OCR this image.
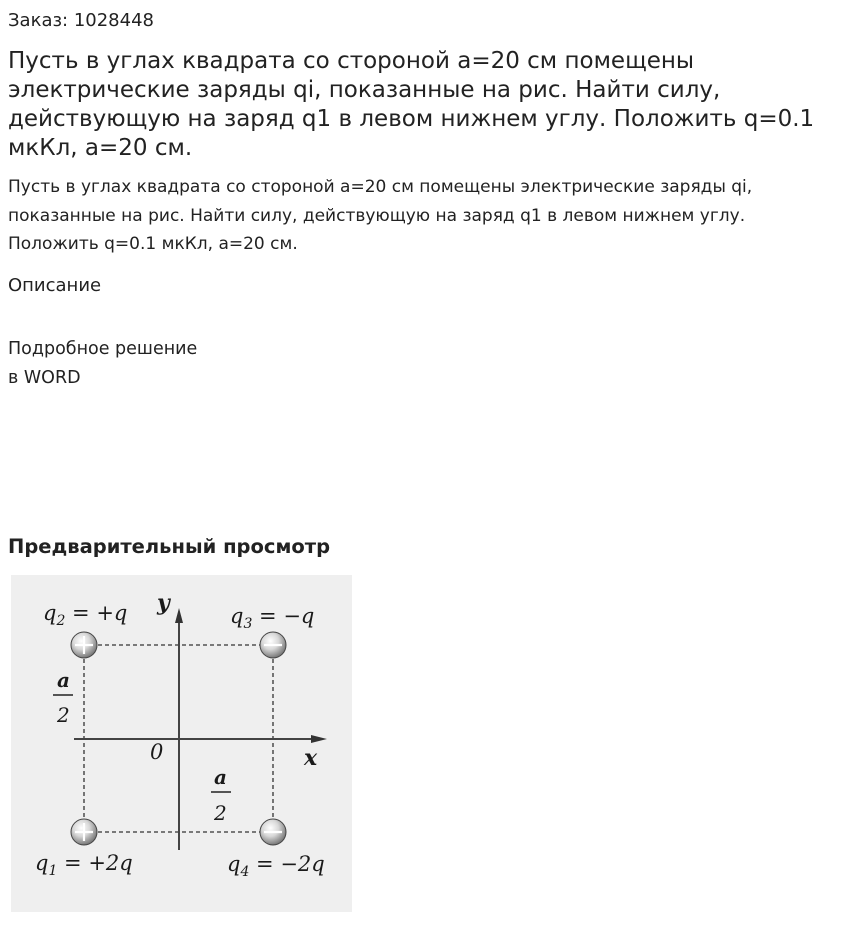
Заказ: 1028448
Пусть в углах квадрата со стороной а=20 см помещены электрические заряды qi, показанные на рис. Найти силу, действующую на заряд q1 в левом нижнем углу. Положить q=0.1 мкКл, а=20 см.

Пусть в углах квадрата со стороной а=20 см помещены электрические заряды qi, показанные на рис. Найти силу, действующую на заряд q1 в левом нижнем углу. Положить q=0.1 мкКл, а=20 см.

Описание
Подробное решение
в WORD
Предварительный просмотр
$q_2 = +q$	$q_3 = -q$
$q_1 = +2q$	$q_4 = -2q$
y
x
0
a
2
a
2
